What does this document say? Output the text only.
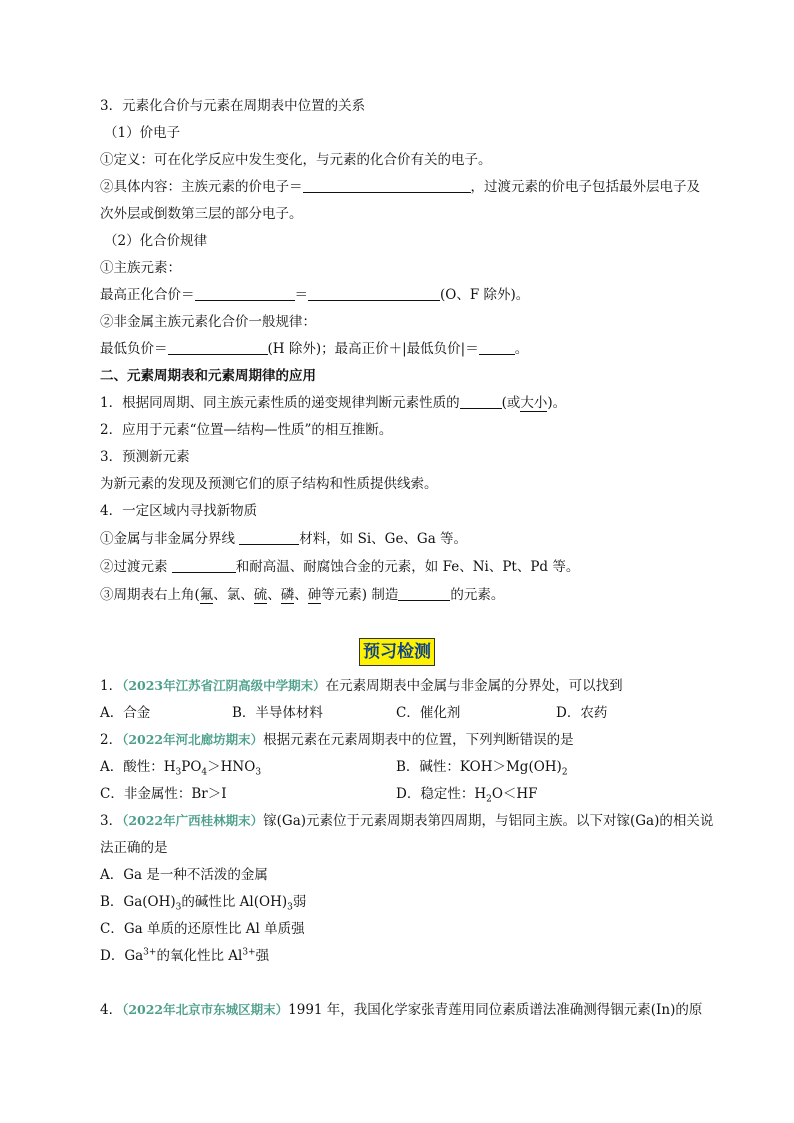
3．元素化合价与元素在周期表中位置的关系
（1）价电子
①定义：可在化学反应中发生变化，与元素的化合价有关的电子。
②具体内容：主族元素的价电子＝	，过渡元素的价电子包括最外层电子及
次外层或倒数第三层的部分电子。
（2）化合价规律
①主族元素：
最高正化合价＝	＝	(O、F 除外)。
②非金属主族元素化合价一般规律：
最低负价＝	(H 除外)；最高正价＋|最低负价|＝	。
二、元素周期表和元素周期律的应用
1．根据同周期、同主族元素性质的递变规律判断元素性质的	(或大小)。
2．应用于元素“位置—结构—性质”的相互推断。
3．预测新元素
为新元素的发现及预测它们的原子结构和性质提供线索。
4．一定区域内寻找新物质
①金属与非金属分界线	材料，如 Si、Ge、Ga 等。
②过渡元素	和耐高温、耐腐蚀合金的元素，如 Fe、Ni、Pt、Pd 等。
③周期表右上角(氟、氯、硫、磷、砷等元素) 制造	的元素。
预习检测
1．（2023年江苏省江阴高级中学期末）在元素周期表中金属与非金属的分界处，可以找到
A．合金	B．半导体材料	C．催化剂	D．农药
2．（2022年河北廊坊期末）根据元素在元素周期表中的位置，下列判断错误的是
A．酸性：$H_3PO_4>HNO_3$	B．碱性：$KOH>Mg(OH)_2$
C．非金属性：Br＞I	D．稳定性：$H_2O<HF$
3．（2022年广西桂林期末）镓(Ga)元素位于元素周期表第四周期，与铝同主族。以下对镓(Ga)的相关说
法正确的是
A．Ga 是一种不活泼的金属
B．$Ga(OH)_3$的碱性比 $Al(OH)_3$弱
C．Ga 单质的还原性比 Al 单质强
D．$Ga^{3+}$的氧化性比 $Al^{3+}$强
4．（2022年北京市东城区期末）1991 年，我国化学家张青莲用同位素质谱法准确测得铟元素(In)的原
